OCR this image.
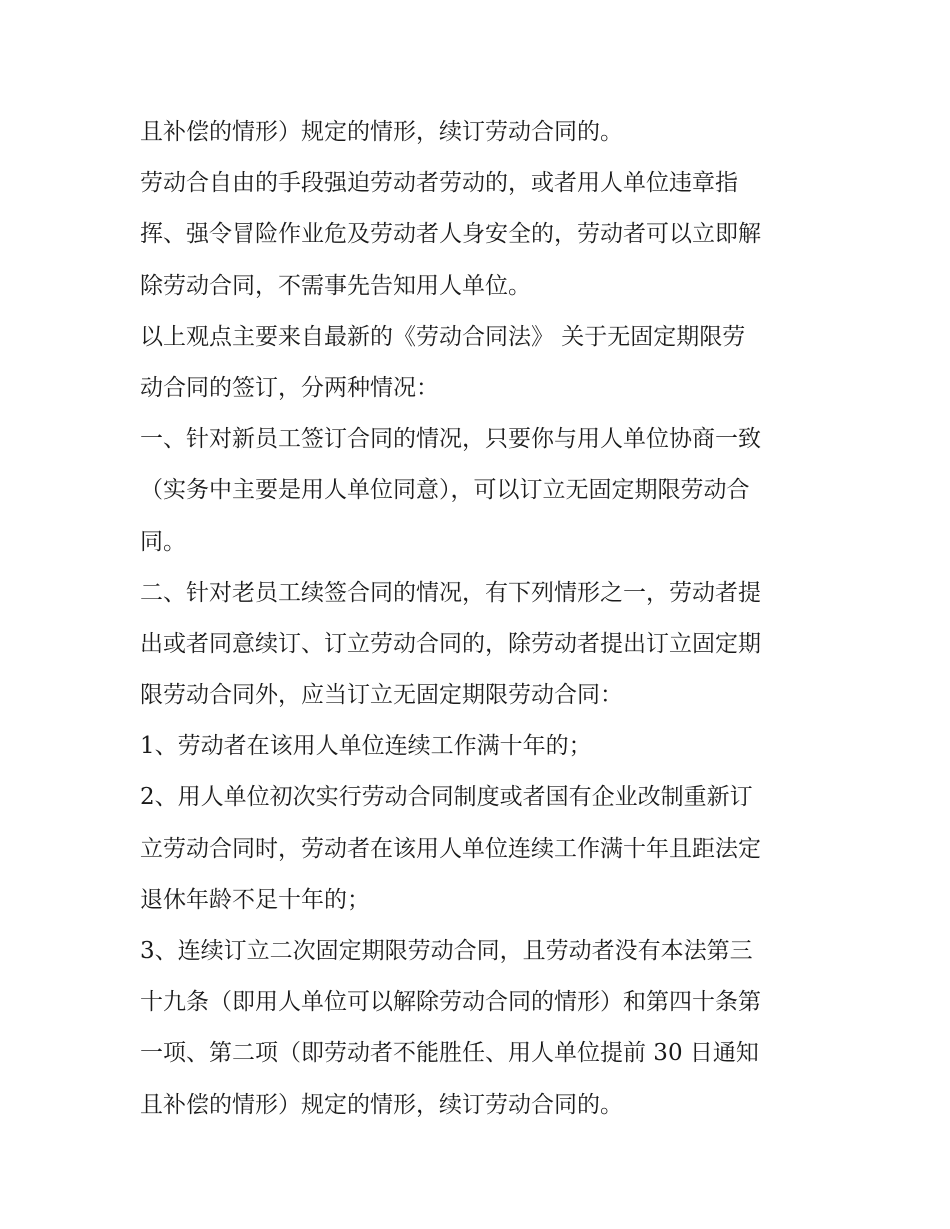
且补偿的情形）规定的情形，续订劳动合同的。
劳动合自由的手段强迫劳动者劳动的，或者用人单位违章指
挥、强令冒险作业危及劳动者人身安全的，劳动者可以立即解
除劳动合同，不需事先告知用人单位。
以上观点主要来自最新的《劳动合同法》 关于无固定期限劳
动合同的签订，分两种情况：
一、针对新员工签订合同的情况，只要你与用人单位协商一致
（实务中主要是用人单位同意），可以订立无固定期限劳动合
同。
二、针对老员工续签合同的情况，有下列情形之一，劳动者提
出或者同意续订、订立劳动合同的，除劳动者提出订立固定期
限劳动合同外，应当订立无固定期限劳动合同：
1、劳动者在该用人单位连续工作满十年的；
2、用人单位初次实行劳动合同制度或者国有企业改制重新订
立劳动合同时，劳动者在该用人单位连续工作满十年且距法定
退休年龄不足十年的；
3、连续订立二次固定期限劳动合同，且劳动者没有本法第三
十九条（即用人单位可以解除劳动合同的情形）和第四十条第
一项、第二项（即劳动者不能胜任、用人单位提前 30 日通知
且补偿的情形）规定的情形，续订劳动合同的。
